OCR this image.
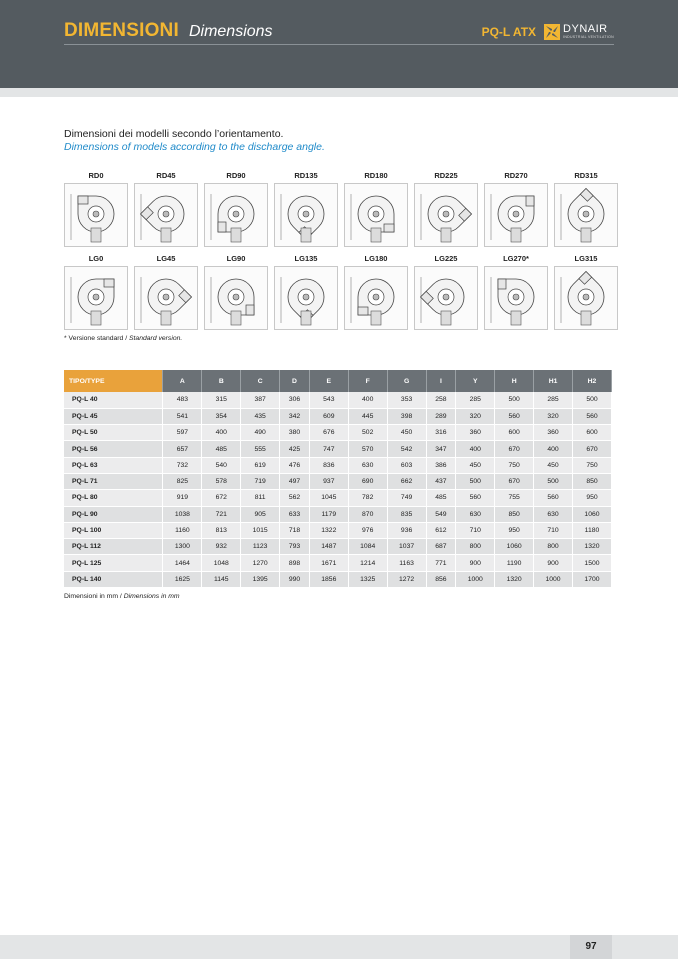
DIMENSIONI Dimensions	PQ-L ATX DYNAIR
INDUSTRIAL VENTILATION
Dimensioni dei modelli secondo l’orientamento.
Dimensions of models according to the discharge angle.
RD0	RD45	RD90	RD135	RD180	RD225	RD270	RD315
LG0	LG45	LG90	LG135	LG180	LG225	LG270*	LG315
* Versione standard / Standard version.
TIPO/TYPE	A	B	C	D	E	F	G	I	Y	H	H1	H2
PQ-L 40	483	315	387	306	543	400	353	258	285	500	285	500
PQ-L 45	541	354	435	342	609	445	398	289	320	560	320	560
PQ-L 50	597	400	490	380	676	502	450	316	360	600	360	600
PQ-L 56	657	485	555	425	747	570	542	347	400	670	400	670
PQ-L 63	732	540	619	476	836	630	603	386	450	750	450	750
PQ-L 71	825	578	719	497	937	690	662	437	500	670	500	850
PQ-L 80	919	672	811	562	1045	782	749	485	560	755	560	950
PQ-L 90	1038	721	905	633	1179	870	835	549	630	850	630	1060
PQ-L 100	1160	813	1015	718	1322	976	936	612	710	950	710	1180
PQ-L 112	1300	932	1123	793	1487	1084	1037	687	800	1060	800	1320
PQ-L 125	1464	1048	1270	898	1671	1214	1163	771	900	1190	900	1500
PQ-L 140	1625	1145	1395	990	1856	1325	1272	856	1000	1320	1000	1700
Dimensioni in mm / Dimensions in mm
97
